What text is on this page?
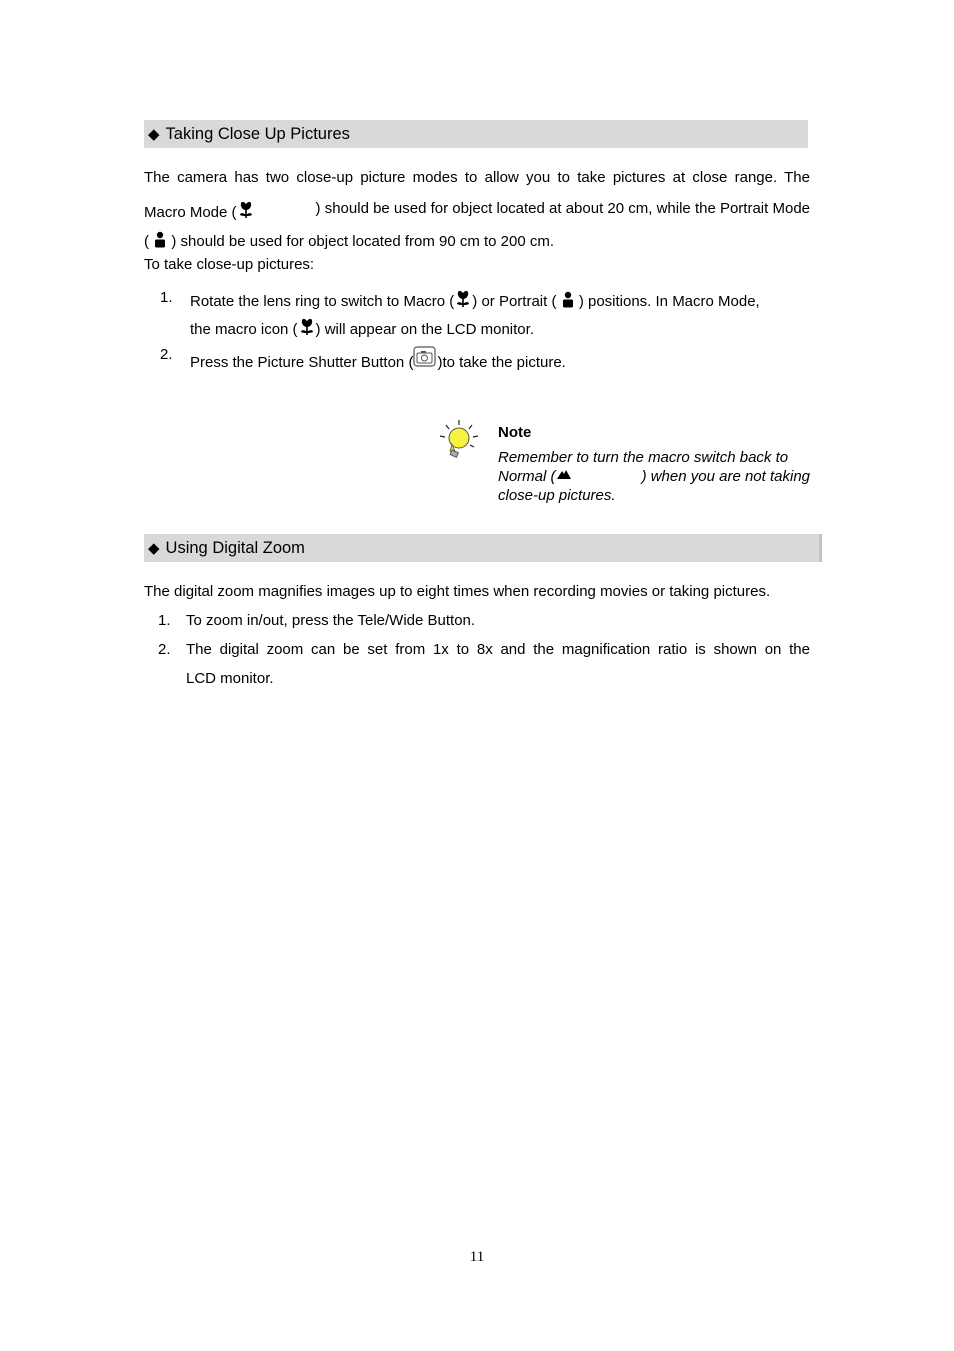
◆ Taking Close Up Pictures
The camera has two close-up picture modes to allow you to take pictures at close range. The
Macro Mode (	) should be used for object located at about 20 cm, while the Portrait Mode
( ) should be used for object located from 90 cm to 200 cm.
To take close-up pictures:
1. Rotate the lens ring to switch to Macro ( ) or Portrait ( ) positions. In Macro Mode,
the macro icon ( ) will appear on the LCD monitor.
2. Press the Picture Shutter Button ( )to take the picture.
Note
Remember to turn the macro switch back to
Normal (	) when you are not taking
close-up pictures.
◆ Using Digital Zoom
The digital zoom magnifies images up to eight times when recording movies or taking pictures.
1. To zoom in/out, press the Tele/Wide Button.
2. The digital zoom can be set from 1x to 8x and the magnification ratio is shown on the
LCD monitor.
11
